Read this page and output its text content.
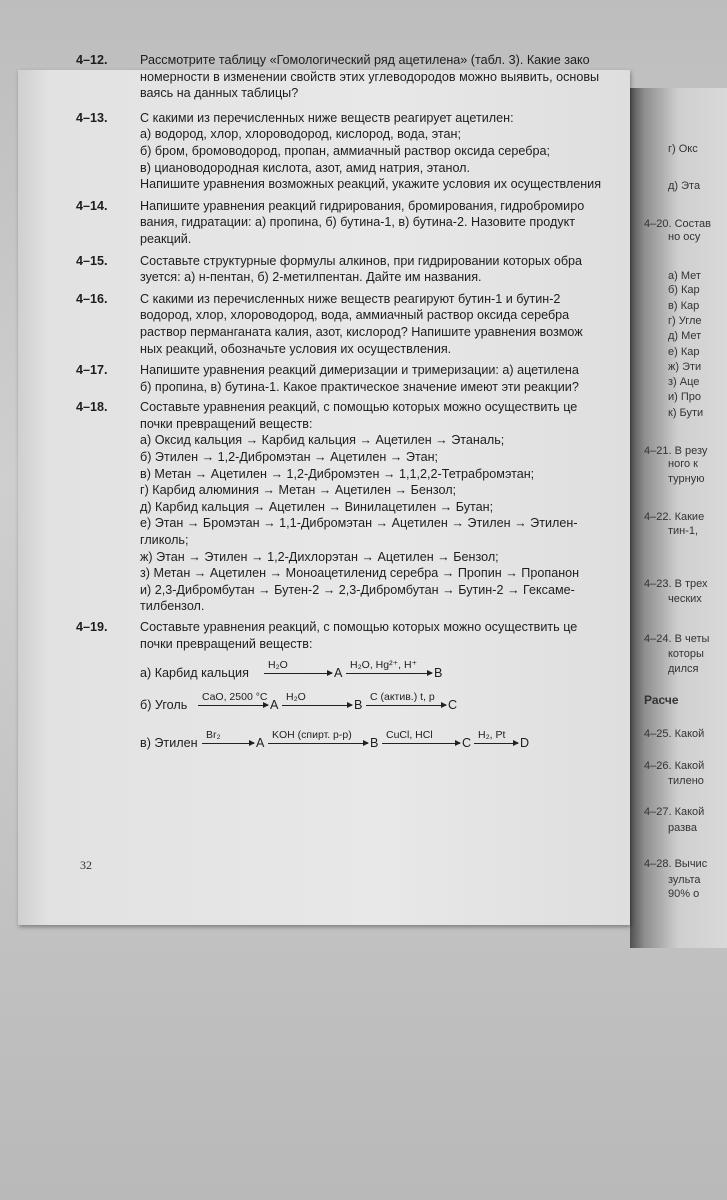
г) Окс
д) Эта
4–20. Состав
но осу
а) Мет
б) Кар
в) Кар
г) Угле
д) Мет
е) Кар
ж) Эти
з) Аце
и) Про
к) Бути
4–21. В резу
ного к
турную
4–22. Какие
тин-1,
4–23. В трех
ческих
4–24. В четы
которы
дился
Расче
4–25. Какой
4–26. Какой
тилено
4–27. Какой
разва
4–28. Вычис
зульта
90% о
4–12.	Рассмотрите таблицу «Гомологический ряд ацетилена» (табл. 3). Какие зако

номерности в изменении свойств этих углеводородов можно выявить, основы

ваясь на данных таблицы?

4–13.	С какими из перечисленных ниже веществ реагирует ацетилен:

а) водород, хлор, хлороводород, кислород, вода, этан;

б) бром, бромоводород, пропан, аммиачный раствор оксида серебра;

в) циановодородная кислота, азот, амид натрия, этанол.

Напишите уравнения возможных реакций, укажите условия их осуществления

4–14.	Напишите уравнения реакций гидрирования, бромирования, гидробромиро

вания, гидратации: а) пропина, б) бутина-1, в) бутина-2. Назовите продукт

реакций.

4–15.	Составьте структурные формулы алкинов, при гидрировании которых обра

зуется: а) н-пентан, б) 2-метилпентан. Дайте им названия.

4–16.	С какими из перечисленных ниже веществ реагируют бутин-1 и бутин-2

водород, хлор, хлороводород, вода, аммиачный раствор оксида серебра

раствор перманганата калия, азот, кислород? Напишите уравнения возмож

ных реакций, обозначьте условия их осуществления.

4–17.	Напишите уравнения реакций димеризации и тримеризации: а) ацетилена

б) пропина, в) бутина-1. Какое практическое значение имеют эти реакции?

4–18.	Составьте уравнения реакций, с помощью которых можно осуществить це

почки превращений веществ:

а) Оксид кальция → Карбид кальция → Ацетилен → Этаналь;

б) Этилен → 1,2-Дибромэтан → Ацетилен → Этан;

в) Метан → Ацетилен → 1,2-Дибромэтен → 1,1,2,2-Тетрабромэтан;

г) Карбид алюминия → Метан → Ацетилен → Бензол;

д) Карбид кальция → Ацетилен → Винилацетилен → Бутан;

е) Этан → Бромэтан → 1,1-Дибромэтан → Ацетилен → Этилен → Этилен-

гликоль;

ж) Этан → Этилен → 1,2-Дихлорэтан → Ацетилен → Бензол;

з) Метан → Ацетилен → Моноацетиленид серебра → Пропин → Пропанон

и) 2,3-Дибромбутан → Бутен-2 → 2,3-Дибромбутан → Бутин-2 → Гексаме-

тилбензол.

4–19.	Составьте уравнения реакций, с помощью которых можно осуществить це

почки превращений веществ:

а) Карбид кальция
H₂O
A
H₂O, Hg²⁺, H⁺
B
б) Уголь
CaO, 2500 °C
A
H₂O
B
C (актив.) t, p
C
в) Этилен
Br₂
A
KOH (спирт. р-р)
B
CuCl, HCl
C →
H₂, Pt
D
32
